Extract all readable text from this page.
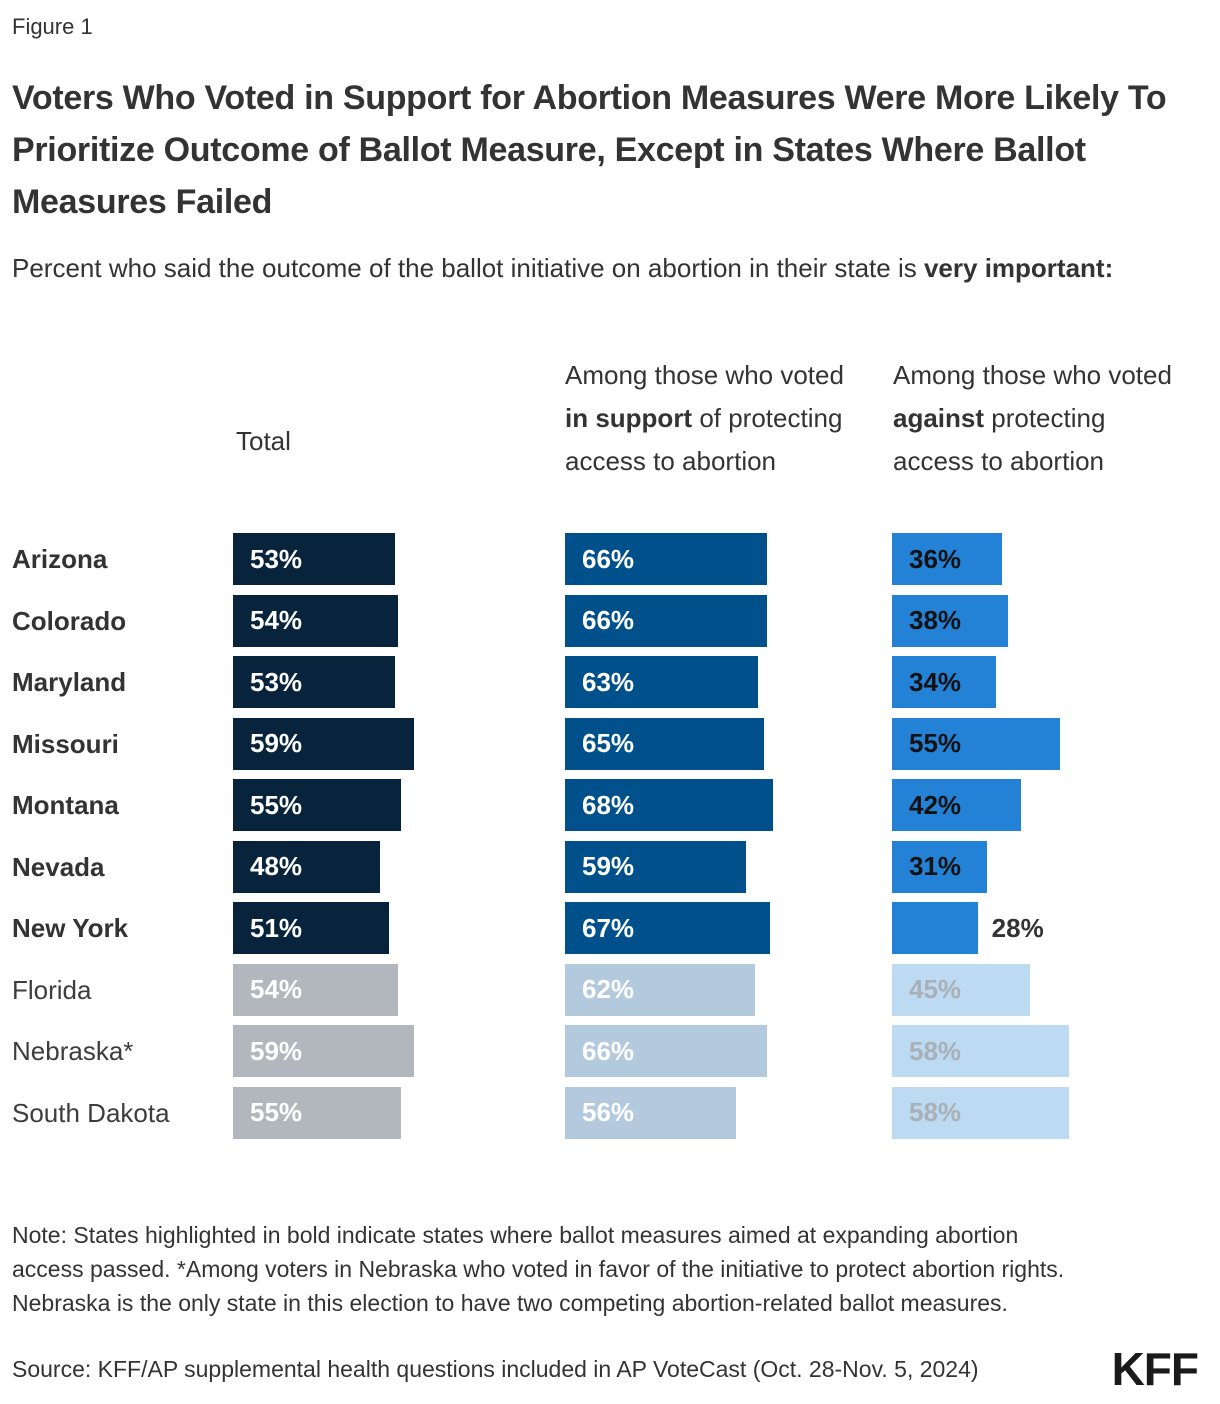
Figure 1
Voters Who Voted in Support for Abortion Measures Were More Likely To Prioritize Outcome of Ballot Measure, Except in States Where Ballot Measures Failed
Percent who said the outcome of the ballot initiative on abortion in their state is very important:
Total
Among those who voted in support of protecting access to abortion
Among those who voted against protecting access to abortion
Arizona	53%	66%	36%
Colorado	54%	66%	38%
Maryland	53%	63%	34%
Missouri	59%	65%	55%
Montana	55%	68%	42%
Nevada	48%	59%	31%
New York	51%	67%	28%
Florida	54%	62%	45%
Nebraska*	59%	66%	58%
South Dakota	55%	56%	58%
Note: States highlighted in bold indicate states where ballot measures aimed at expanding abortion access passed. *Among voters in Nebraska who voted in favor of the initiative to protect abortion rights. Nebraska is the only state in this election to have two competing abortion-related ballot measures.
Source: KFF/AP supplemental health questions included in AP VoteCast (Oct. 28-Nov. 5, 2024)	KFF
